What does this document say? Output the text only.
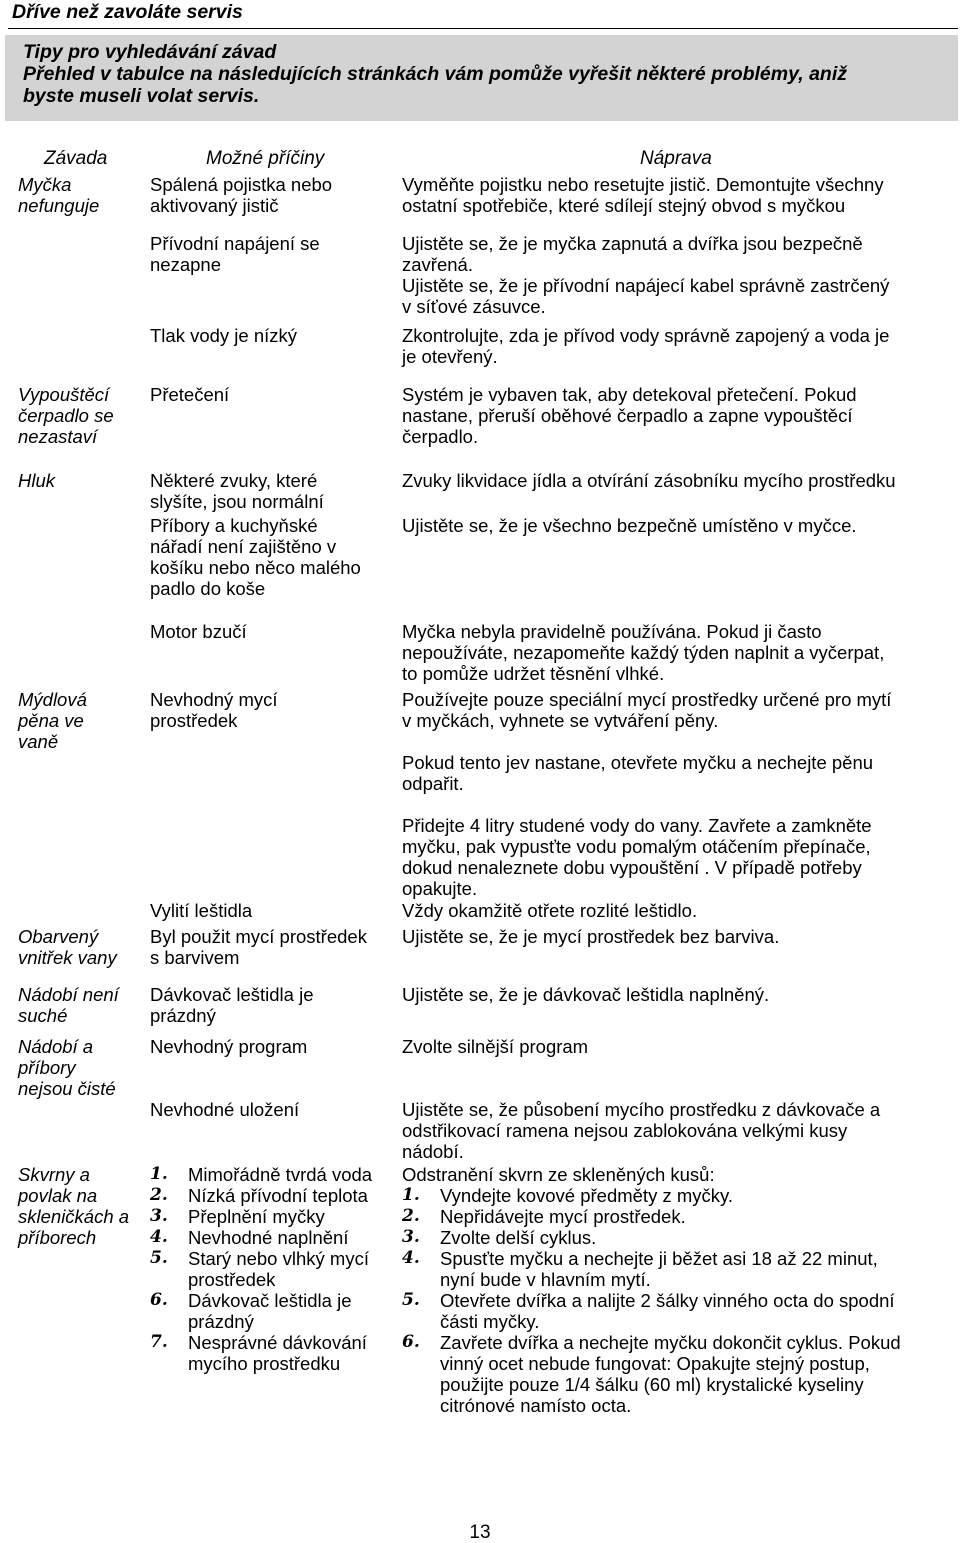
Dříve než zavoláte servis
Tipy pro vyhledávání závad
Přehled v tabulce na následujících stránkách vám pomůže vyřešit některé problémy, aniž
byste museli volat servis.
Závada	Možné příčiny	Náprava
Myčka
nefunguje
Vypouštěcí
čerpadlo se
nezastaví
Hluk
Mýdlová
pěna ve
vaně
Obarvený
vnitřek vany
Nádobí není
suché
Nádobí a
příbory
nejsou čisté
Skvrny a
povlak na
skleničkách a
příborech
Spálená pojistka nebo
aktivovaný jistič
Přívodní napájení se
nezapne
Tlak vody je nízký
Přetečení
Některé zvuky, které
slyšíte, jsou normální
Příbory a kuchyňské
nářadí není zajištěno v
košíku nebo něco malého
padlo do koše
Motor bzučí
Nevhodný mycí
prostředek
Vylití leštidla
Byl použit mycí prostředek
s barvivem
Dávkovač leštidla je
prázdný
Nevhodný program
Nevhodné uložení
Vyměňte pojistku nebo resetujte jistič. Demontujte všechny
ostatní spotřebiče, které sdílejí stejný obvod s myčkou
Ujistěte se, že je myčka zapnutá a dvířka jsou bezpečně
zavřená.
Ujistěte se, že je přívodní napájecí kabel správně zastrčený
v síťové zásuvce.
Zkontrolujte, zda je přívod vody správně zapojený a voda je
je otevřený.
Systém je vybaven tak, aby detekoval přetečení. Pokud
nastane, přeruší oběhové čerpadlo a zapne vypouštěcí
čerpadlo.
Zvuky likvidace jídla a otvírání zásobníku mycího prostředku
Ujistěte se, že je všechno bezpečně umístěno v myčce.
Myčka nebyla pravidelně používána. Pokud ji často
nepoužíváte, nezapomeňte každý týden naplnit a vyčerpat,
to pomůže udržet těsnění vlhké.
Používejte pouze speciální mycí prostředky určené pro mytí
v myčkách, vyhnete se vytváření pěny.
Pokud tento jev nastane, otevřete myčku a nechejte pěnu
odpařit.
Přidejte 4 litry studené vody do vany. Zavřete a zamkněte
myčku, pak vypusťte vodu pomalým otáčením přepínače,
dokud nenaleznete dobu vypouštění . V případě potřeby
opakujte.
Vždy okamžitě otřete rozlité leštidlo.
Ujistěte se, že je mycí prostředek bez barviva.
Ujistěte se, že je dávkovač leštidla naplněný.
Zvolte silnější program
Ujistěte se, že působení mycího prostředku z dávkovače a
odstřikovací ramena nejsou zablokována velkými kusy
nádobí.
1. Mimořádně tvrdá voda
2. Nízká přívodní teplota
3. Přeplnění myčky
4. Nevhodné naplnění
5. Starý nebo vlhký mycí
prostředek
6. Dávkovač leštidla je
prázdný
7. Nesprávné dávkování
mycího prostředku
Odstranění skvrn ze skleněných kusů:
1. Vyndejte kovové předměty z myčky.
2. Nepřidávejte mycí prostředek.
3. Zvolte delší cyklus.
4. Spusťte myčku a nechejte ji běžet asi 18 až 22 minut,
nyní bude v hlavním mytí.
5. Otevřete dvířka a nalijte 2 šálky vinného octa do spodní
části myčky.
6. Zavřete dvířka a nechejte myčku dokončit cyklus. Pokud
vinný ocet nebude fungovat: Opakujte stejný postup,
použijte pouze 1/4 šálku (60 ml) krystalické kyseliny
citrónové namísto octa.
13
